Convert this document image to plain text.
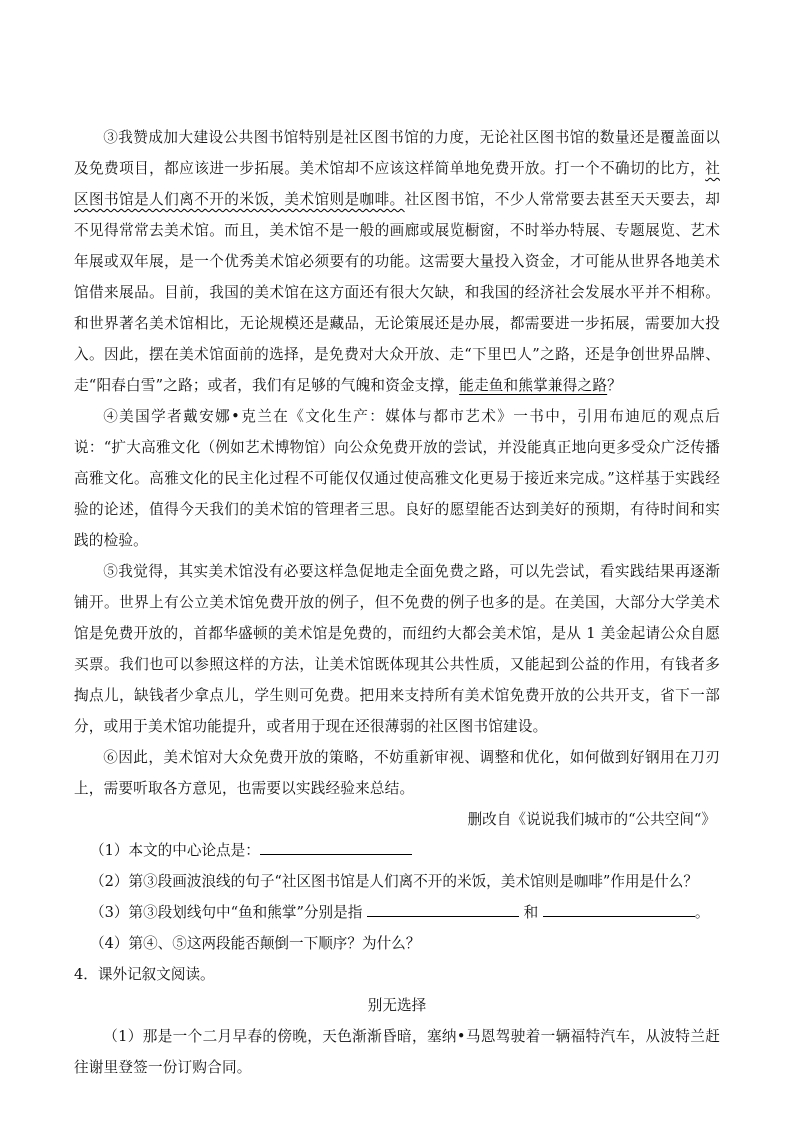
③我赞成加大建设公共图书馆特别是社区图书馆的力度，无论社区图书馆的数量还是覆盖面以及免费项目，都应该进一步拓展。美术馆却不应该这样简单地免费开放。打一个不确切的比方，社区图书馆是人们离不开的米饭，美术馆则是咖啡。社区图书馆，不少人常常要去甚至天天要去，却不见得常常去美术馆。而且，美术馆不是一般的画廊或展览橱窗，不时举办特展、专题展览、艺术年展或双年展，是一个优秀美术馆必须要有的功能。这需要大量投入资金，才可能从世界各地美术馆借来展品。目前，我国的美术馆在这方面还有很大欠缺，和我国的经济社会发展水平并不相称。和世界著名美术馆相比，无论规模还是藏品，无论策展还是办展，都需要进一步拓展，需要加大投入。因此，摆在美术馆面前的选择，是免费对大众开放、走“下里巴人”之路，还是争创世界品牌、走“阳春白雪”之路；或者，我们有足够的气魄和资金支撑，能走鱼和熊掌兼得之路？

④美国学者戴安娜•克兰在《文化生产：媒体与都市艺术》一书中，引用布迪厄的观点后说：“扩大高雅文化（例如艺术博物馆）向公众免费开放的尝试，并没能真正地向更多受众广泛传播高雅文化。高雅文化的民主化过程不可能仅仅通过使高雅文化更易于接近来完成。”这样基于实践经验的论述，值得今天我们的美术馆的管理者三思。良好的愿望能否达到美好的预期，有待时间和实践的检验。

⑤我觉得，其实美术馆没有必要这样急促地走全面免费之路，可以先尝试，看实践结果再逐渐铺开。世界上有公立美术馆免费开放的例子，但不免费的例子也多的是。在美国，大部分大学美术馆是免费开放的，首都华盛顿的美术馆是免费的，而纽约大都会美术馆，是从 1 美金起请公众自愿买票。我们也可以参照这样的方法，让美术馆既体现其公共性质，又能起到公益的作用，有钱者多掏点儿，缺钱者少拿点儿，学生则可免费。把用来支持所有美术馆免费开放的公共开支，省下一部分，或用于美术馆功能提升，或者用于现在还很薄弱的社区图书馆建设。

⑥因此，美术馆对大众免费开放的策略，不妨重新审视、调整和优化，如何做到好钢用在刀刃上，需要听取各方意见，也需要以实践经验来总结。

删改自《说说我们城市的“公共空间“》

（1）本文的中心论点是：

（2）第③段画波浪线的句子“社区图书馆是人们离不开的米饭，美术馆则是咖啡”作用是什么？

（3）第③段划线句中“鱼和熊掌”分别是指	和	。

（4）第④、⑤这两段能否颠倒一下顺序？为什么？

4．课外记叙文阅读。

别无选择

（1）那是一个二月早春的傍晚，天色渐渐昏暗，塞纳•马恩驾驶着一辆福特汽车，从波特兰赶往谢里登签一份订购合同。
